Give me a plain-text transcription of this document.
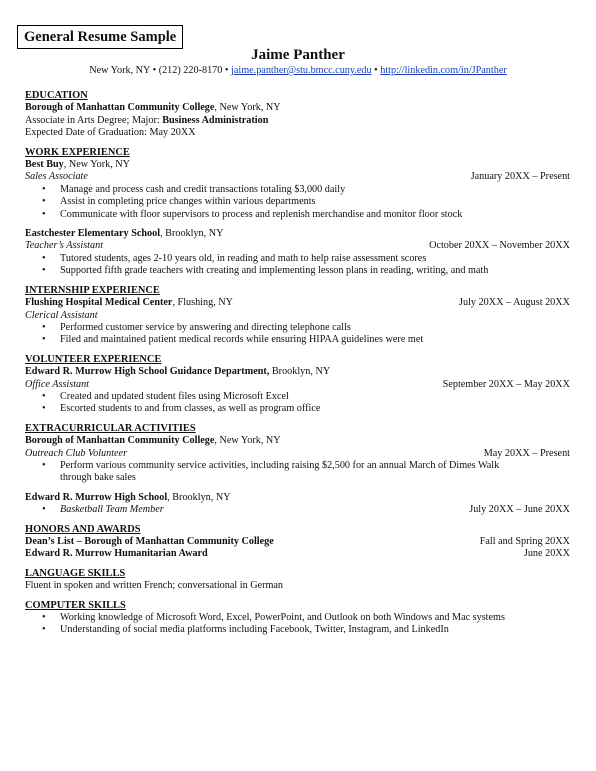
General Resume Sample
Jaime Panther
New York, NY • (212) 220-8170 • jaime.panther@stu.bmcc.cuny.edu • http://linkedin.com/in/JPanther
EDUCATION
Borough of Manhattan Community College, New York, NY
Associate in Arts Degree; Major: Business Administration
Expected Date of Graduation: May 20XX
WORK EXPERIENCE
Best Buy, New York, NY
Sales Associate	January 20XX – Present
• Manage and process cash and credit transactions totaling $3,000 daily
• Assist in completing price changes within various departments
• Communicate with floor supervisors to process and replenish merchandise and monitor floor stock
Eastchester Elementary School, Brooklyn, NY
Teacher’s Assistant	October 20XX – November 20XX
• Tutored students, ages 2-10 years old, in reading and math to help raise assessment scores
• Supported fifth grade teachers with creating and implementing lesson plans in reading, writing, and math
INTERNSHIP EXPERIENCE
Flushing Hospital Medical Center, Flushing, NY	July 20XX – August 20XX
Clerical Assistant
• Performed customer service by answering and directing telephone calls
• Filed and maintained patient medical records while ensuring HIPAA guidelines were met
VOLUNTEER EXPERIENCE
Edward R. Murrow High School Guidance Department, Brooklyn, NY
Office Assistant	September 20XX – May 20XX
• Created and updated student files using Microsoft Excel
• Escorted students to and from classes, as well as program office
EXTRACURRICULAR ACTIVITIES
Borough of Manhattan Community College, New York, NY
Outreach Club Volunteer	May 20XX – Present
• Perform various community service activities, including raising $2,500 for an annual March of Dimes Walk
through bake sales
Edward R. Murrow High School, Brooklyn, NY
• Basketball Team Member	July 20XX – June 20XX
HONORS AND AWARDS
Dean’s List – Borough of Manhattan Community College	Fall and Spring 20XX
Edward R. Murrow Humanitarian Award	June 20XX
LANGUAGE SKILLS
Fluent in spoken and written French; conversational in German
COMPUTER SKILLS
• Working knowledge of Microsoft Word, Excel, PowerPoint, and Outlook on both Windows and Mac systems
• Understanding of social media platforms including Facebook, Twitter, Instagram, and LinkedIn
